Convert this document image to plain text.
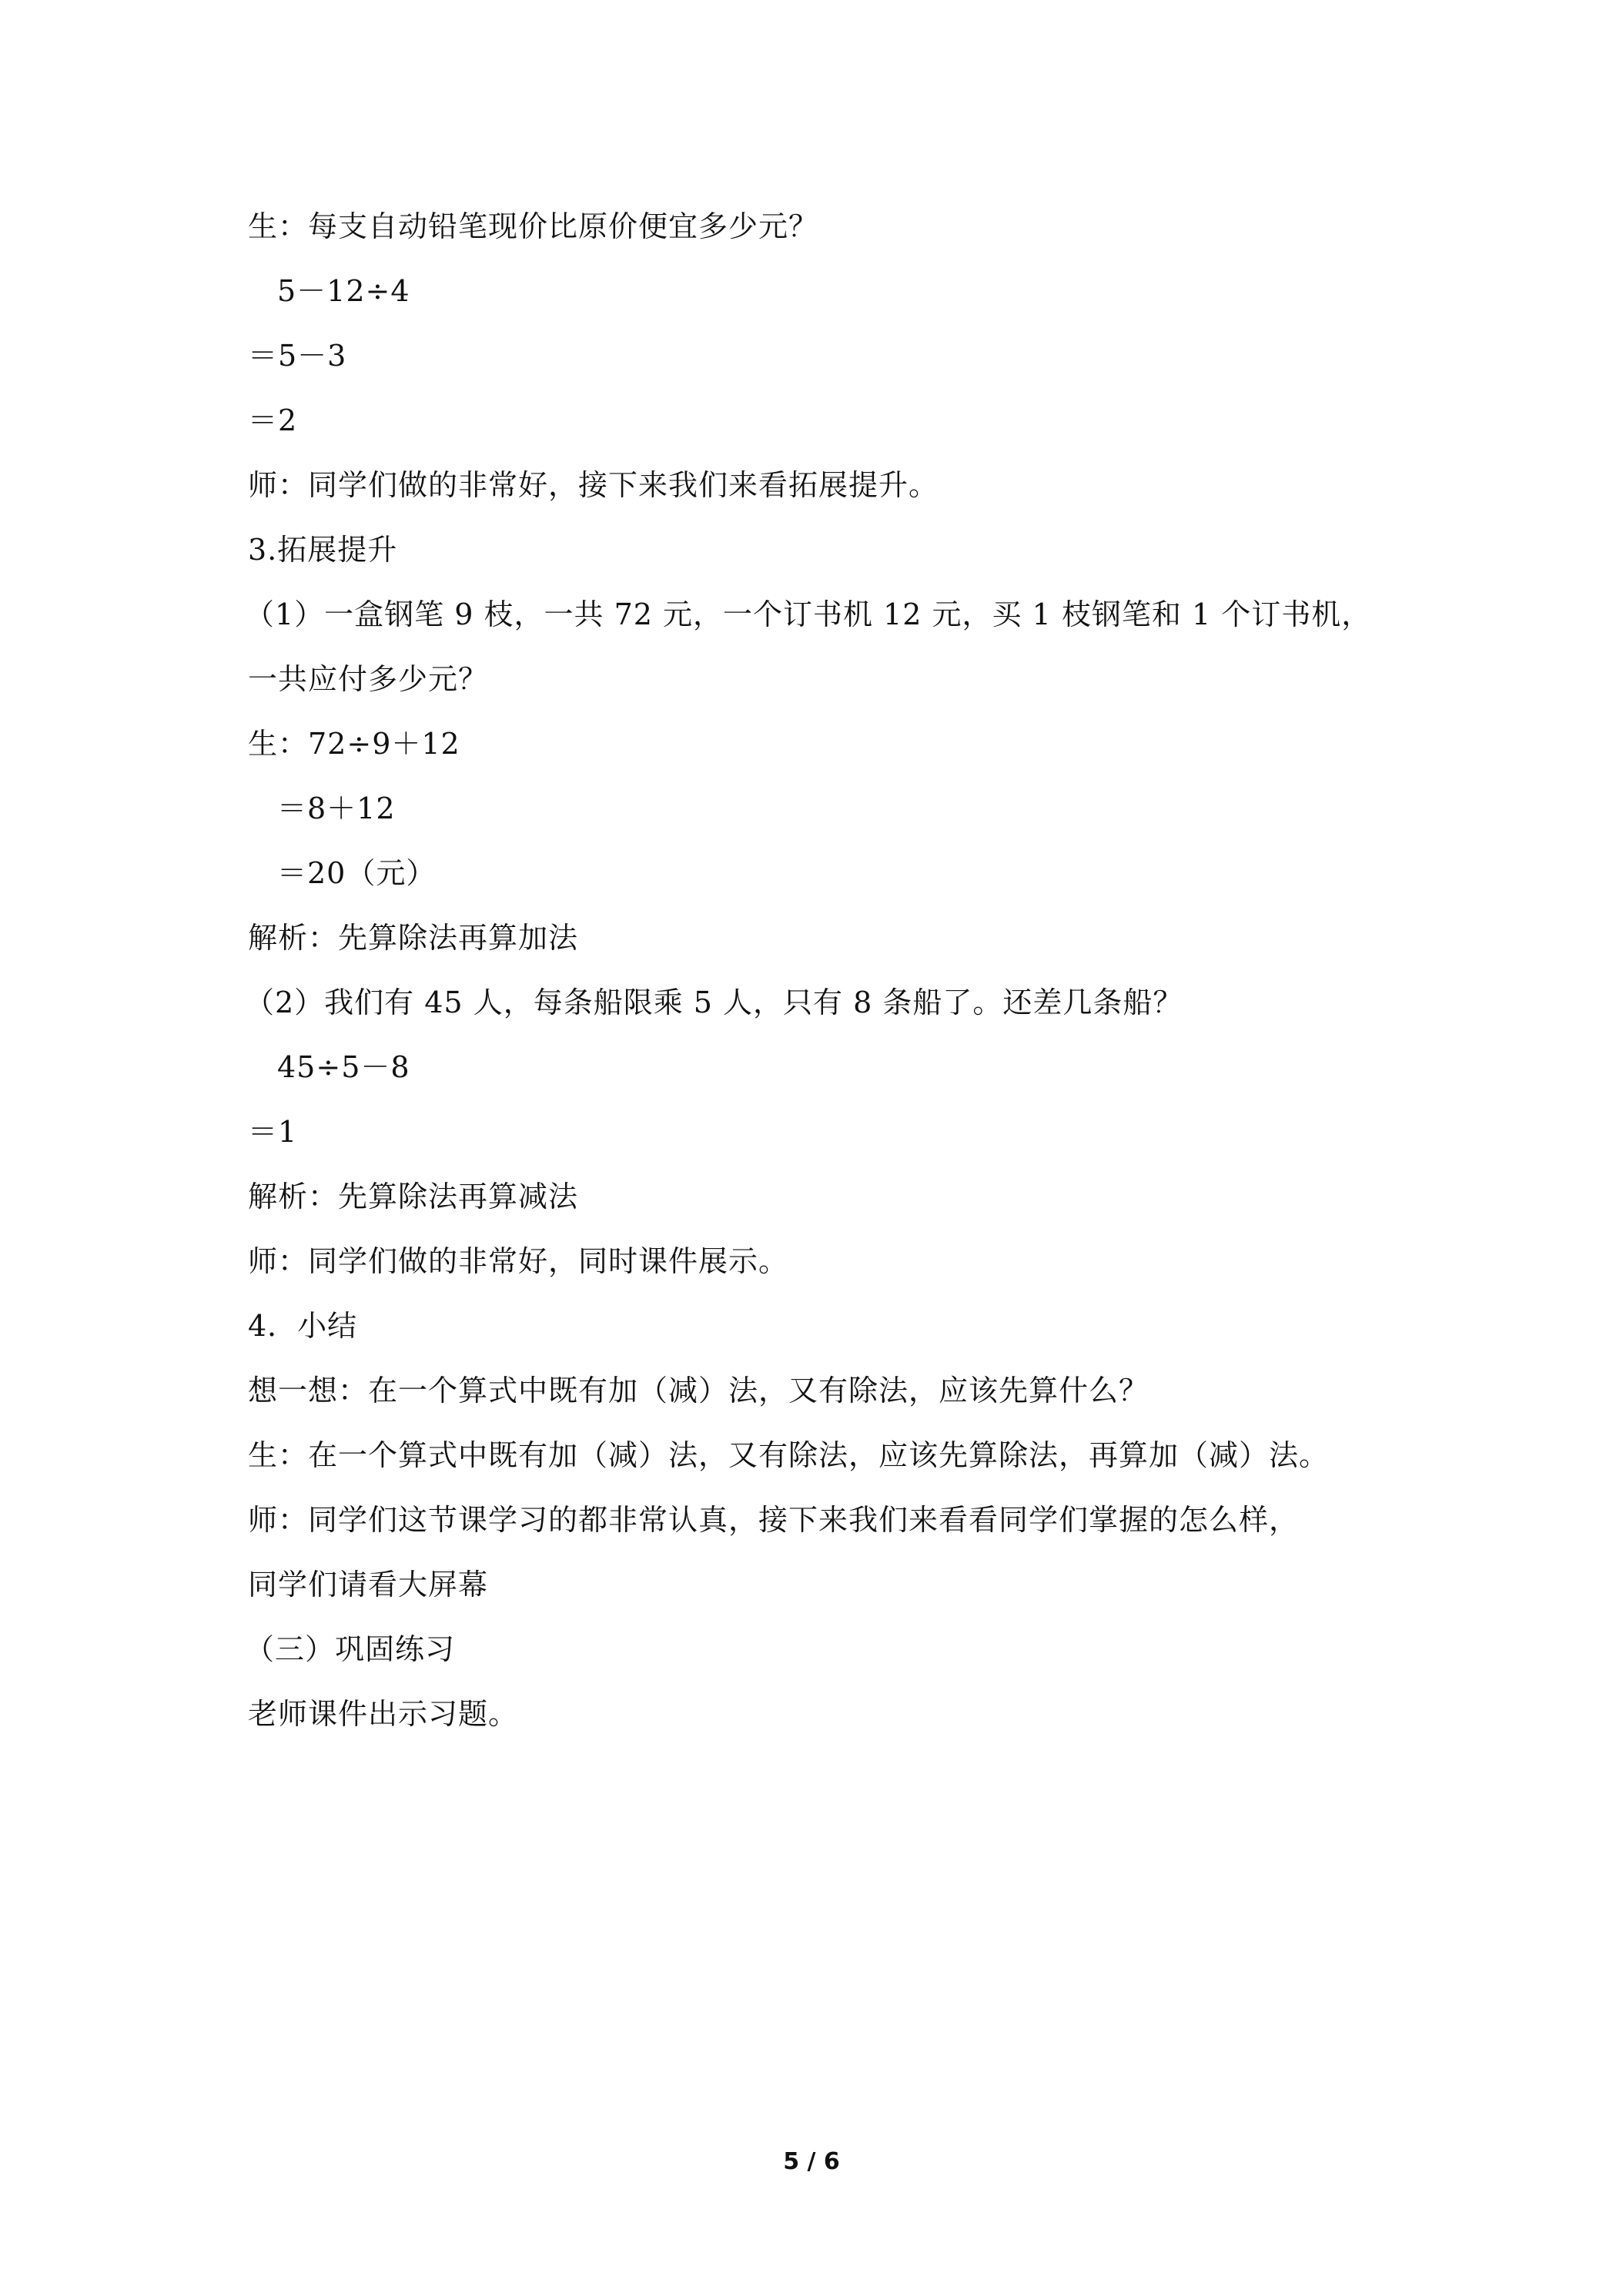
生：每支自动铅笔现价比原价便宜多少元？
5－12÷4
＝5－3
＝2
师：同学们做的非常好，接下来我们来看拓展提升。
3.拓展提升
（1）一盒钢笔 9 枝，一共 72 元，一个订书机 12 元，买 1 枝钢笔和 1 个订书机，
一共应付多少元？
生：72÷9＋12
＝8＋12
＝20（元）
解析：先算除法再算加法
（2）我们有 45 人，每条船限乘 5 人，只有 8 条船了。还差几条船？
45÷5－8
＝1
解析：先算除法再算减法
师：同学们做的非常好，同时课件展示。
4．小结
想一想：在一个算式中既有加（减）法，又有除法，应该先算什么？
生：在一个算式中既有加（减）法，又有除法，应该先算除法，再算加（减）法。
师：同学们这节课学习的都非常认真，接下来我们来看看同学们掌握的怎么样，
同学们请看大屏幕
（三）巩固练习
老师课件出示习题。
5 / 6
